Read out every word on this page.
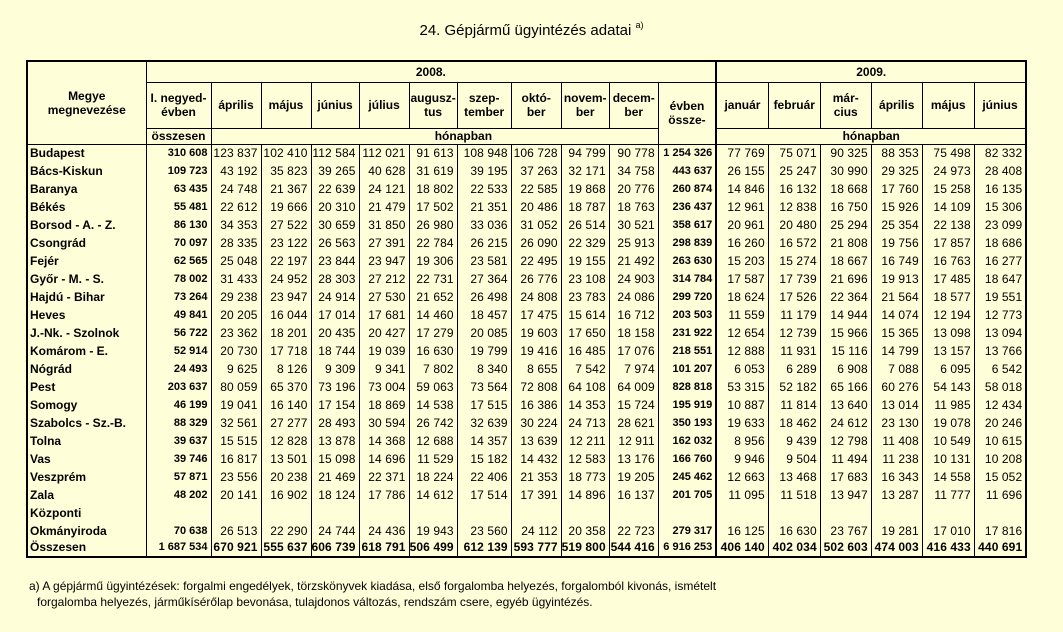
24. Gépjármű ügyintézés adatai $^{a)}$
Megye megnevezése	2008.											2009.					
	I. negyed- évben	április	május	június	július	augusz- tus	szep- tember	októ- ber	novem- ber	decem- ber	évben össze-	január	február	már- cius	április	május	június
	összesen	hónapban										hónapban					
Budapest	310 608	123 837	102 410	112 584	112 021	91 613	108 948	106 728	94 799	90 778	1 254 326	77 769	75 071	90 325	88 353	75 498	82 332
Bács-Kiskun	109 723	43 192	35 823	39 265	40 628	31 619	39 195	37 263	32 171	34 758	443 637	26 155	25 247	30 990	29 325	24 973	28 408
Baranya	63 435	24 748	21 367	22 639	24 121	18 802	22 533	22 585	19 868	20 776	260 874	14 846	16 132	18 668	17 760	15 258	16 135
Békés	55 481	22 612	19 666	20 310	21 479	17 502	21 351	20 486	18 787	18 763	236 437	12 961	12 838	16 750	15 926	14 109	15 306
Borsod - A. - Z.	86 130	34 353	27 522	30 659	31 850	26 980	33 036	31 052	26 514	30 521	358 617	20 961	20 480	25 294	25 354	22 138	23 099
Csongrád	70 097	28 335	23 122	26 563	27 391	22 784	26 215	26 090	22 329	25 913	298 839	16 260	16 572	21 808	19 756	17 857	18 686
Fejér	62 565	25 048	22 197	23 844	23 947	19 306	23 581	22 495	19 155	21 492	263 630	15 203	15 274	18 667	16 749	16 763	16 277
Győr - M. - S.	78 002	31 433	24 952	28 303	27 212	22 731	27 364	26 776	23 108	24 903	314 784	17 587	17 739	21 696	19 913	17 485	18 647
Hajdú - Bihar	73 264	29 238	23 947	24 914	27 530	21 652	26 498	24 808	23 783	24 086	299 720	18 624	17 526	22 364	21 564	18 577	19 551
Heves	49 841	20 205	16 044	17 014	17 681	14 460	18 457	17 475	15 614	16 712	203 503	11 559	11 179	14 944	14 074	12 194	12 773
J.-Nk. - Szolnok	56 722	23 362	18 201	20 435	20 427	17 279	20 085	19 603	17 650	18 158	231 922	12 654	12 739	15 966	15 365	13 098	13 094
Komárom - E.	52 914	20 730	17 718	18 744	19 039	16 630	19 799	19 416	16 485	17 076	218 551	12 888	11 931	15 116	14 799	13 157	13 766
Nógrád	24 493	9 625	8 126	9 309	9 341	7 802	8 340	8 655	7 542	7 974	101 207	6 053	6 289	6 908	7 088	6 095	6 542
Pest	203 637	80 059	65 370	73 196	73 004	59 063	73 564	72 808	64 108	64 009	828 818	53 315	52 182	65 166	60 276	54 143	58 018
Somogy	46 199	19 041	16 140	17 154	18 869	14 538	17 515	16 386	14 353	15 724	195 919	10 887	11 814	13 640	13 014	11 985	12 434
Szabolcs - Sz.-B.	88 329	32 561	27 277	28 493	30 594	26 742	32 639	30 224	24 713	28 621	350 193	19 633	18 462	24 612	23 130	19 078	20 246
Tolna	39 637	15 515	12 828	13 878	14 368	12 688	14 357	13 639	12 211	12 911	162 032	8 956	9 439	12 798	11 408	10 549	10 615
Vas	39 746	16 817	13 501	15 098	14 696	11 529	15 182	14 432	12 583	13 176	166 760	9 946	9 504	11 494	11 238	10 131	10 208
Veszprém	57 871	23 556	20 238	21 469	22 371	18 224	22 406	21 353	18 773	19 205	245 462	12 663	13 468	17 683	16 343	14 558	15 052
Zala	48 202	20 141	16 902	18 124	17 786	14 612	17 514	17 391	14 896	16 137	201 705	11 095	11 518	13 947	13 287	11 777	11 696
Központi																	
Okmányiroda	70 638	26 513	22 290	24 744	24 436	19 943	23 560	24 112	20 358	22 723	279 317	16 125	16 630	23 767	19 281	17 010	17 816
Összesen	1 687 534	670 921	555 637	606 739	618 791	506 499	612 139	593 777	519 800	544 416	6 916 253	406 140	402 034	502 603	474 003	416 433	440 691
a) A gépjármű ügyintézések: forgalmi engedélyek, törzskönyvek kiadása, első forgalomba helyezés, forgalomból kivonás, ismételt
forgalomba helyezés, járműkísérőlap bevonása, tulajdonos változás, rendszám csere, egyéb ügyintézés.
